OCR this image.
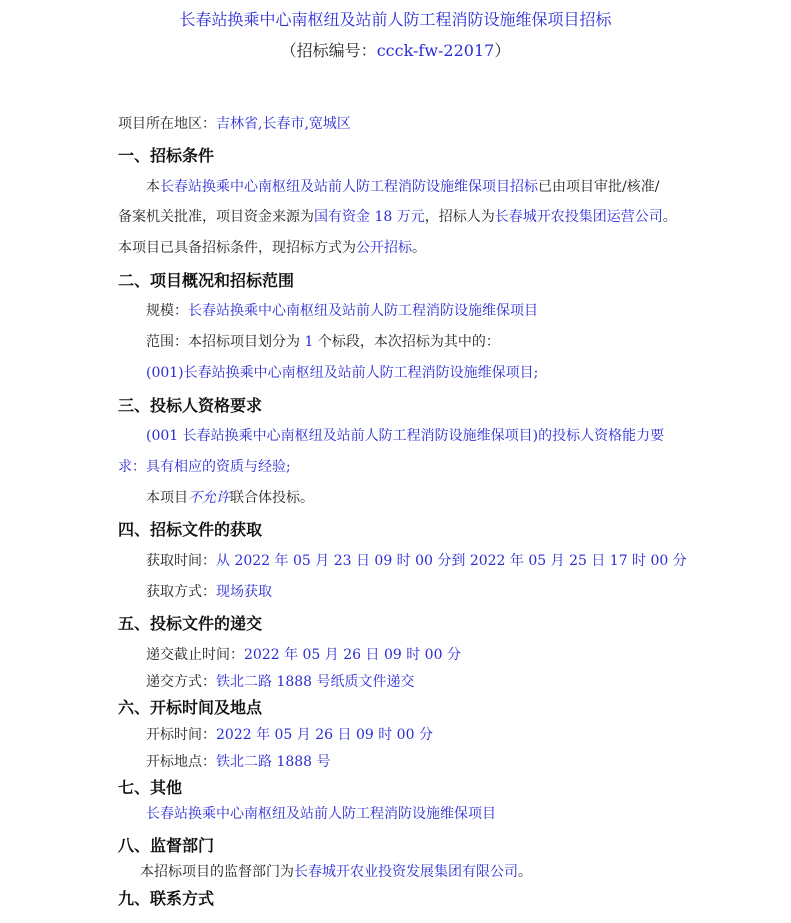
长春站换乘中心南枢纽及站前人防工程消防设施维保项目招标
（招标编号：ccck-fw-22017）
项目所在地区：吉林省,长春市,宽城区
一、招标条件
本长春站换乘中心南枢纽及站前人防工程消防设施维保项目招标已由项目审批/核准/
备案机关批准，项目资金来源为国有资金 18 万元，招标人为长春城开农投集团运营公司。
本项目已具备招标条件，现招标方式为公开招标。
二、项目概况和招标范围
规模：长春站换乘中心南枢纽及站前人防工程消防设施维保项目
范围：本招标项目划分为 1 个标段，本次招标为其中的：
(001)长春站换乘中心南枢纽及站前人防工程消防设施维保项目;
三、投标人资格要求
(001 长春站换乘中心南枢纽及站前人防工程消防设施维保项目)的投标人资格能力要
求：具有相应的资质与经验;
本项目不允许联合体投标。
四、招标文件的获取
获取时间：从 2022 年 05 月 23 日 09 时 00 分到 2022 年 05 月 25 日 17 时 00 分
获取方式：现场获取
五、投标文件的递交
递交截止时间：2022 年 05 月 26 日 09 时 00 分
递交方式：铁北二路 1888 号纸质文件递交
六、开标时间及地点
开标时间：2022 年 05 月 26 日 09 时 00 分
开标地点：铁北二路 1888 号
七、其他
长春站换乘中心南枢纽及站前人防工程消防设施维保项目
八、监督部门
本招标项目的监督部门为长春城开农业投资发展集团有限公司。
九、联系方式
